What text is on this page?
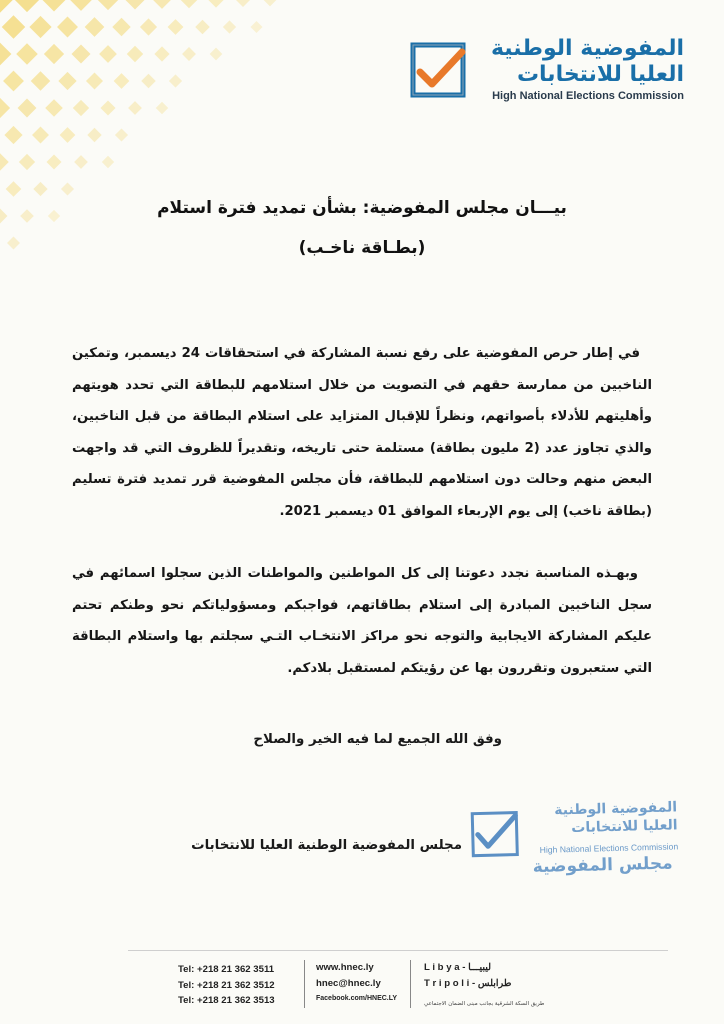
المفوضية الوطنية
العليا للانتخابات
High National Elections Commission
بيـــان مجلس المفوضية: بشأن تمديد فترة استلام
(بطـاقة ناخـب)

في إطار حرص المفوضية على رفع نسبة المشاركة في استحقاقات 24 ديسمبر، وتمكين الناخبين من ممارسة حقهم في التصويت من خلال استلامهم للبطاقة التي تحدد هويتهم وأهليتهم للأدلاء بأصواتهم، ونظراً للإقبال المتزايد على استلام البطاقة من قبل الناخبين، والذي تجاوز عدد (2 مليون بطاقة) مستلمة حتى تاريخه، وتقديراً للظروف التي قد واجهت البعض منهم وحالت دون استلامهم للبطاقة، فأن مجلس المفوضية قرر تمديد فترة تسليم (بطاقة ناخب) إلى يوم الإربعاء الموافق 01 ديسمبر 2021.

وبهـذه المناسبة نجدد دعوتنا إلى كل المواطنين والمواطنات الذين سجلوا اسمائهم في سجل الناخبين المبادرة إلى استلام بطاقاتهم، فواجبكم ومسؤولياتكم نحو وطنكم تحتم عليكم المشاركة الايجابية والتوجه نحو مراكز الانتخـاب التـي سجلتم بها واستلام البطاقة التي ستعبرون وتقررون بها عن رؤيتكم لمستقبل بلادكم.

وفق الله الجميع لما فيه الخير والصلاح
مجلس المفوضية الوطنية العليا للانتخابات
المفوضية الوطنية
العليا للانتخابات
High National Elections Commission
مجلس المفوضية
Tel: +218 21 362 3511
Tel: +218 21 362 3512
Tel: +218 21 362 3513
www.hnec.ly
hnec@hnec.ly
Facebook.com/HNEC.LY
L i b y a - ليبيـــا
T r i p o l i - طرابلس
طريق السكة الشرقية بجانب مبنى الضمان الاجتماعي
